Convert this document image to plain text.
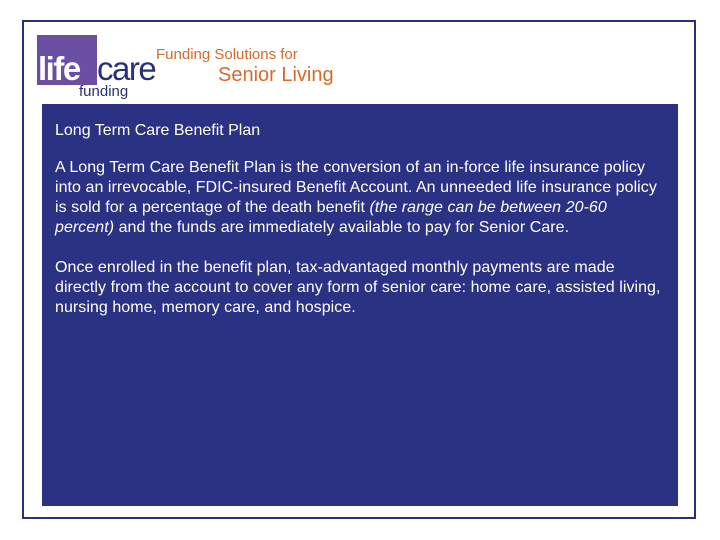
life care
funding
Funding Solutions for
Senior Living
Long Term Care Benefit Plan

A Long Term Care Benefit Plan is the conversion of an in-force life insurance policy into an irrevocable, FDIC-insured Benefit Account. An unneeded life insurance policy is sold for a percentage of the death benefit (the range can be between 20-60 percent) and the funds are immediately available to pay for Senior Care.

Once enrolled in the benefit plan, tax-advantaged monthly payments are made directly from the account to cover any form of senior care: home care, assisted living, nursing home, memory care, and hospice.
